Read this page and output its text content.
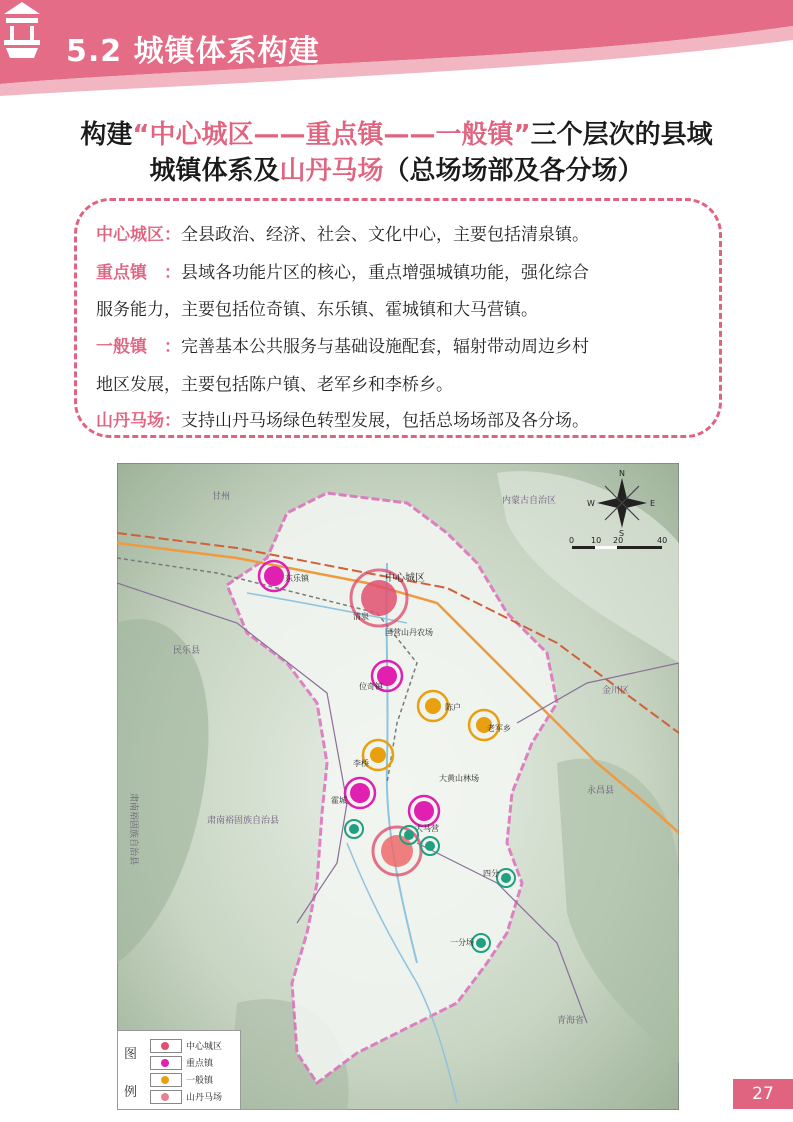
5.2 城镇体系构建
构建“中心城区——重点镇——一般镇”三个层次的县域
城镇体系及山丹马场（总场场部及各分场）
中心城区：全县政治、经济、社会、文化中心，主要包括清泉镇。
重点镇　：县域各功能片区的核心，重点增强城镇功能，强化综合
服务能力，主要包括位奇镇、东乐镇、霍城镇和大马营镇。
一般镇　：完善基本公共服务与基础设施配套，辐射带动周边乡村
地区发展，主要包括陈户镇、老军乡和李桥乡。
山丹马场：支持山丹马场绿色转型发展，包括总场场部及各分场。
甘州
民乐县
肃南裕固族自治县	肃南裕固族自治县
金川区
永昌县
内蒙古自治区
青海省
N
S
E
W
0 10 20	40
中心城区
清泉
东乐镇
位奇镇
霍城
大马营
陈户
老军乡
李桥
四分
一分场
国营山丹农场
大黄山林场
图
例
中心城区
重点镇
一般镇
山丹马场	27
